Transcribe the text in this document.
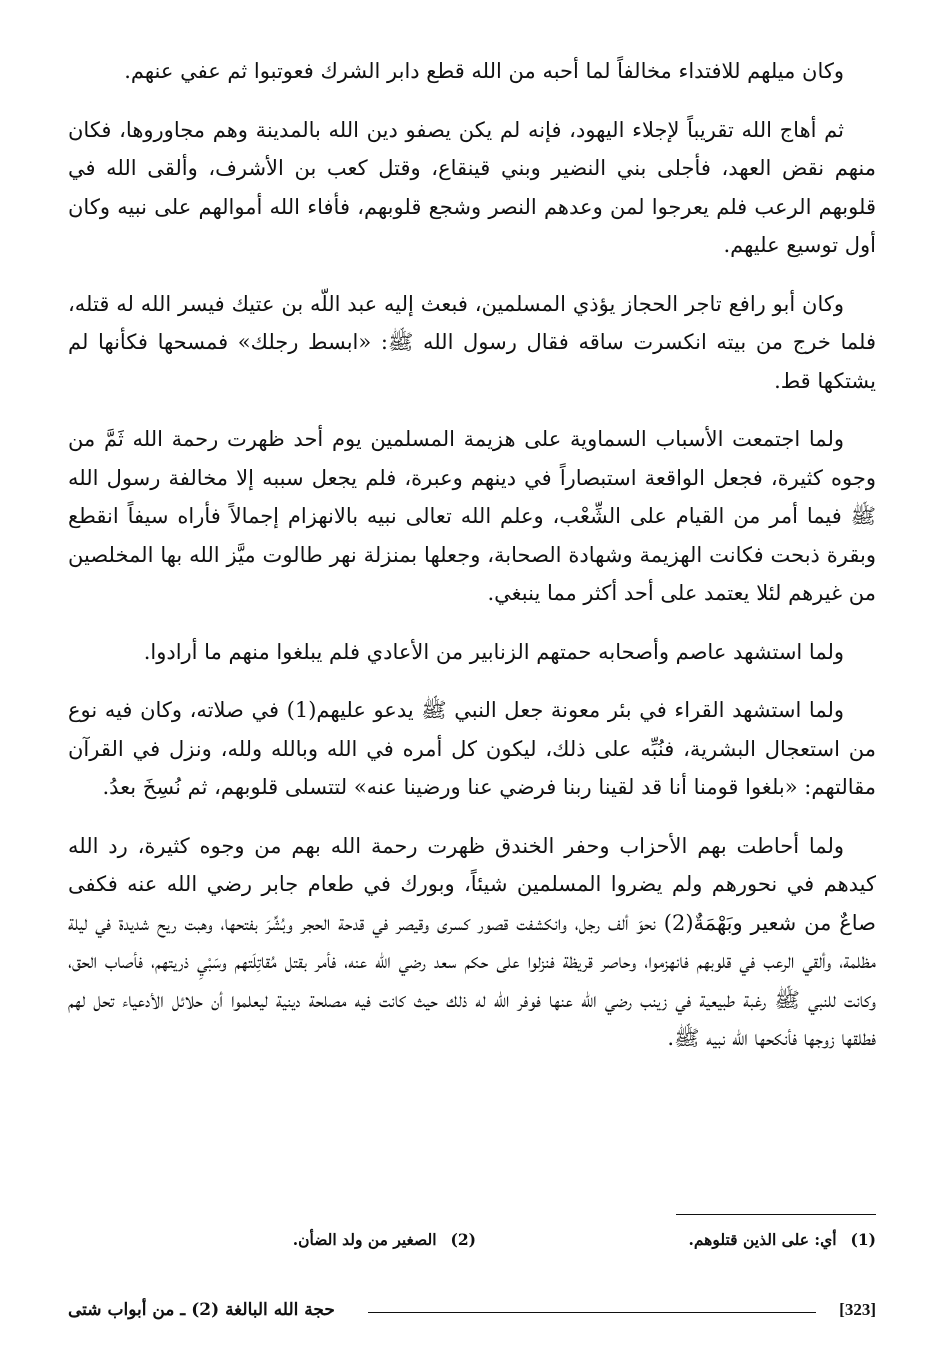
وكان ميلهم للافتداء مخالفاً لما أحبه من الله قطع دابر الشرك فعوتبوا ثم عفي عنهم.

ثم أهاج الله تقريباً لإجلاء اليهود، فإنه لم يكن يصفو دين الله بالمدينة وهم مجاوروها، فكان منهم نقض العهد، فأجلى بني النضير وبني قينقاع، وقتل كعب بن الأشرف، وألقى الله في قلوبهم الرعب فلم يعرجوا لمن وعدهم النصر وشجع قلوبهم، فأفاء الله أموالهم على نبيه وكان أول توسيع عليهم.

وكان أبو رافع تاجر الحجاز يؤذي المسلمين، فبعث إليه عبد اللّه بن عتيك فيسر الله له قتله، فلما خرج من بيته انكسرت ساقه فقال رسول الله ﷺ: «ابسط رجلك» فمسحها فكأنها لم يشتكها قط.

ولما اجتمعت الأسباب السماوية على هزيمة المسلمين يوم أحد ظهرت رحمة الله ثَمَّ من وجوه كثيرة، فجعل الواقعة استبصاراً في دينهم وعبرة، فلم يجعل سببه إلا مخالفة رسول الله ﷺ فيما أمر من القيام على الشِّعْب، وعلم الله تعالى نبيه بالانهزام إجمالاً فأراه سيفاً انقطع وبقرة ذبحت فكانت الهزيمة وشهادة الصحابة، وجعلها بمنزلة نهر طالوت ميَّز الله بها المخلصين من غيرهم لئلا يعتمد على أحد أكثر مما ينبغي.

ولما استشهد عاصم وأصحابه حمتهم الزنابير من الأعادي فلم يبلغوا منهم ما أرادوا.

ولما استشهد القراء في بئر معونة جعل النبي ﷺ يدعو عليهم(1) في صلاته، وكان فيه نوع من استعجال البشرية، فنُبِّه على ذلك، ليكون كل أمره في الله وبالله ولله، ونزل في القرآن مقالتهم: «بلغوا قومنا أنا قد لقينا ربنا فرضي عنا ورضينا عنه» لتتسلى قلوبهم، ثم نُسِخَ بعدُ.

ولما أحاطت بهم الأحزاب وحفر الخندق ظهرت رحمة الله بهم من وجوه كثيرة، رد الله كيدهم في نحورهم ولم يضروا المسلمين شيئاً، وبورك في طعام جابر رضي الله عنه فكفى صاعٌ من شعير وبَهْمَةٌ(2) نحوَ ألف رجل، وانكشفت قصور كسرى وقيصر في قدحة الحجر وبُشِّرَ بفتحها، وهبت ريح شديدة في ليلة مظلمة، وألقي الرعب في قلوبهم فانهزموا، وحاصر قريظة فنزلوا على حكم سعد رضي الله عنه، فأمر بقتل مُقاتِلَتهم وسَبْيِ ذريتهم، فأصاب الحق، وكانت للنبي ﷺ رغبة طبيعية في زينب رضي الله عنها فوفر الله له ذلك حيث كانت فيه مصلحة دينية ليعلموا أن حلائل الأدعياء تحل لهم فطلقها زوجها فأنكحها الله نبيه ﷺ.

(1)أي: على الذين قتلوهم.
(2)الصغير من ولد الضأن.
[323]
حجة الله البالغة (2) ـ من أبواب شتى
